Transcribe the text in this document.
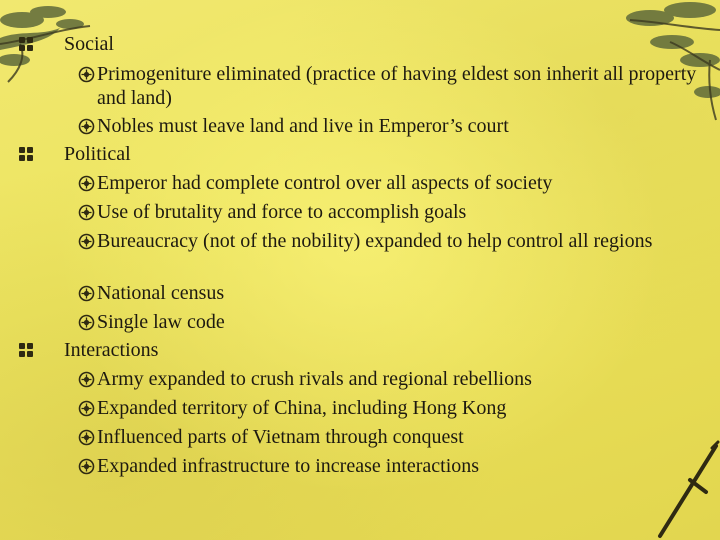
Social
Primogeniture eliminated (practice of having eldest son inherit all property and land)
Nobles must leave land and live in Emperor’s court
Political
Emperor had complete control over all aspects of society
Use of brutality and force to accomplish goals
Bureaucracy (not of the nobility) expanded to help control all regions
National census
Single law code
Interactions
Army expanded to crush rivals and regional rebellions
Expanded territory of China, including Hong Kong
Influenced parts of Vietnam through conquest
Expanded infrastructure to increase interactions
